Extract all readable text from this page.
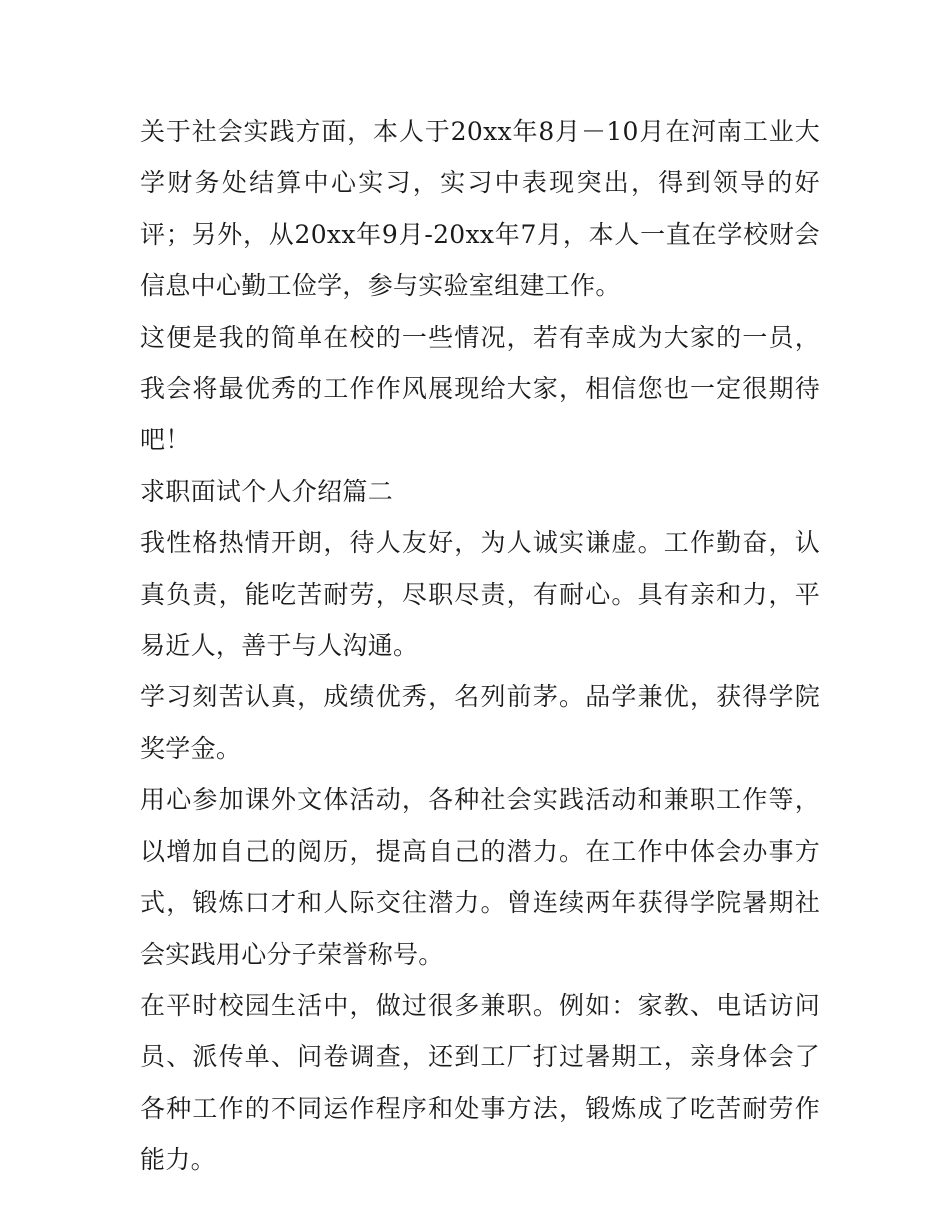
关于社会实践方面，本人于20xx年8月－10月在河南工业大学财务处结算中心实习，实习中表现突出，得到领导的好评；另外，从20xx年9月-20xx年7月，本人一直在学校财会信息中心勤工俭学，参与实验室组建工作。

这便是我的简单在校的一些情况，若有幸成为大家的一员，我会将最优秀的工作作风展现给大家，相信您也一定很期待吧！

求职面试个人介绍篇二

我性格热情开朗，待人友好，为人诚实谦虚。工作勤奋，认真负责，能吃苦耐劳，尽职尽责，有耐心。具有亲和力，平易近人，善于与人沟通。

学习刻苦认真，成绩优秀，名列前茅。品学兼优，获得学院奖学金。

用心参加课外文体活动，各种社会实践活动和兼职工作等，以增加自己的阅历，提高自己的潜力。在工作中体会办事方式，锻炼口才和人际交往潜力。曾连续两年获得学院暑期社会实践用心分子荣誉称号。

在平时校园生活中，做过很多兼职。例如：家教、电话访问员、派传单、问卷调查，还到工厂打过暑期工，亲身体会了各种工作的不同运作程序和处事方法，锻炼成了吃苦耐劳作能力。
